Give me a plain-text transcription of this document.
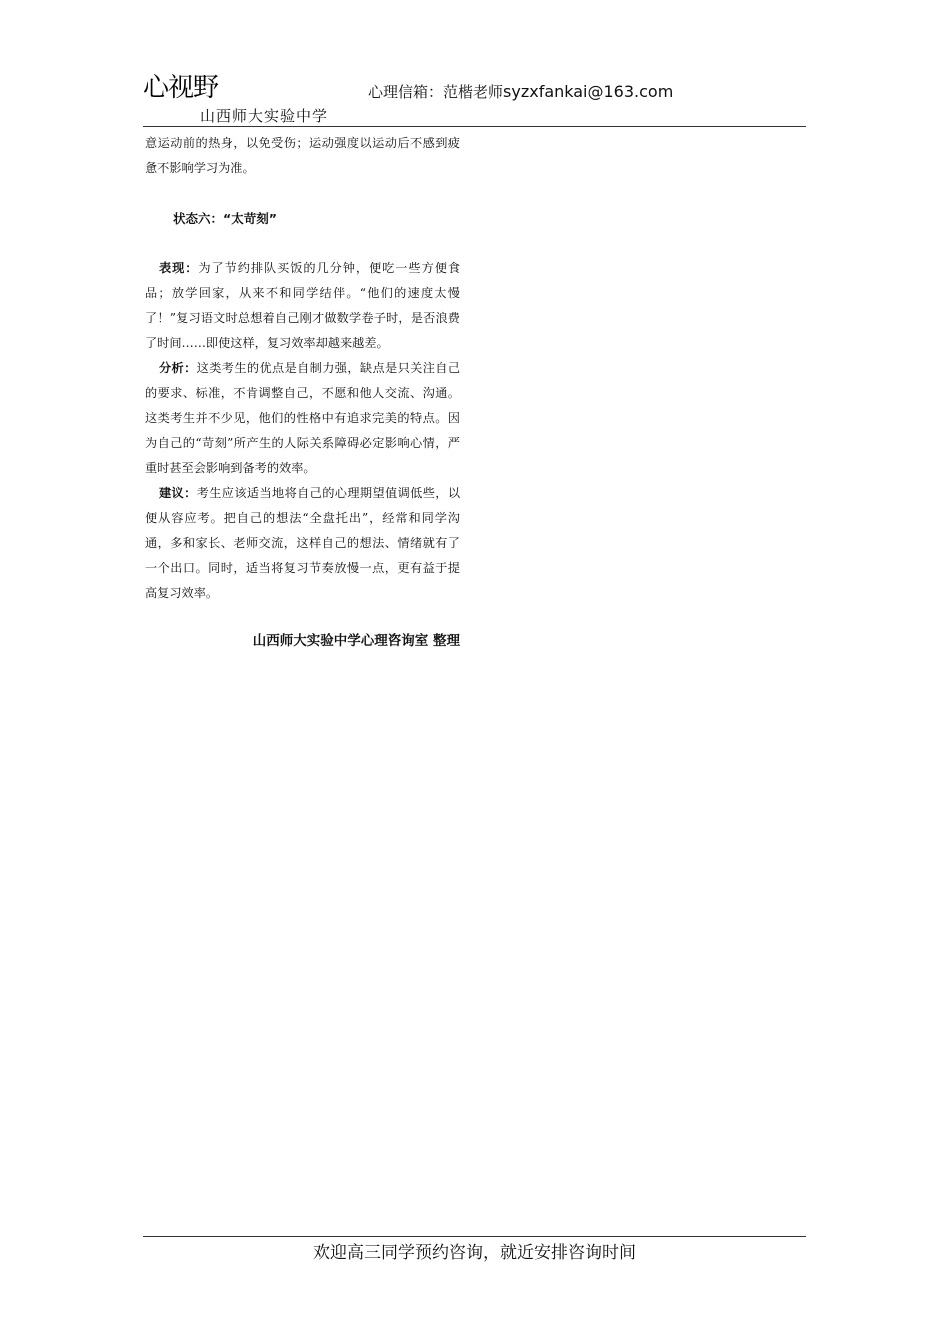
心视野	心理信箱：范楷老师syzxfankai@163.com
山西师大实验中学

意运动前的热身，以免受伤；运动强度以运动后不感到疲惫不影响学习为准。

状态六：“太苛刻”

表现：为了节约排队买饭的几分钟，便吃一些方便食品；放学回家，从来不和同学结伴。“他们的速度太慢了！”复习语文时总想着自己刚才做数学卷子时，是否浪费了时间……即使这样，复习效率却越来越差。

分析：这类考生的优点是自制力强，缺点是只关注自己的要求、标准，不肯调整自己，不愿和他人交流、沟通。这类考生并不少见，他们的性格中有追求完美的特点。因为自己的“苛刻”所产生的人际关系障碍必定影响心情，严重时甚至会影响到备考的效率。

建议：考生应该适当地将自己的心理期望值调低些，以便从容应考。把自己的想法“全盘托出”，经常和同学沟通，多和家长、老师交流，这样自己的想法、情绪就有了一个出口。同时，适当将复习节奏放慢一点，更有益于提高复习效率。

山西师大实验中学心理咨询室 整理
欢迎高三同学预约咨询，就近安排咨询时间
